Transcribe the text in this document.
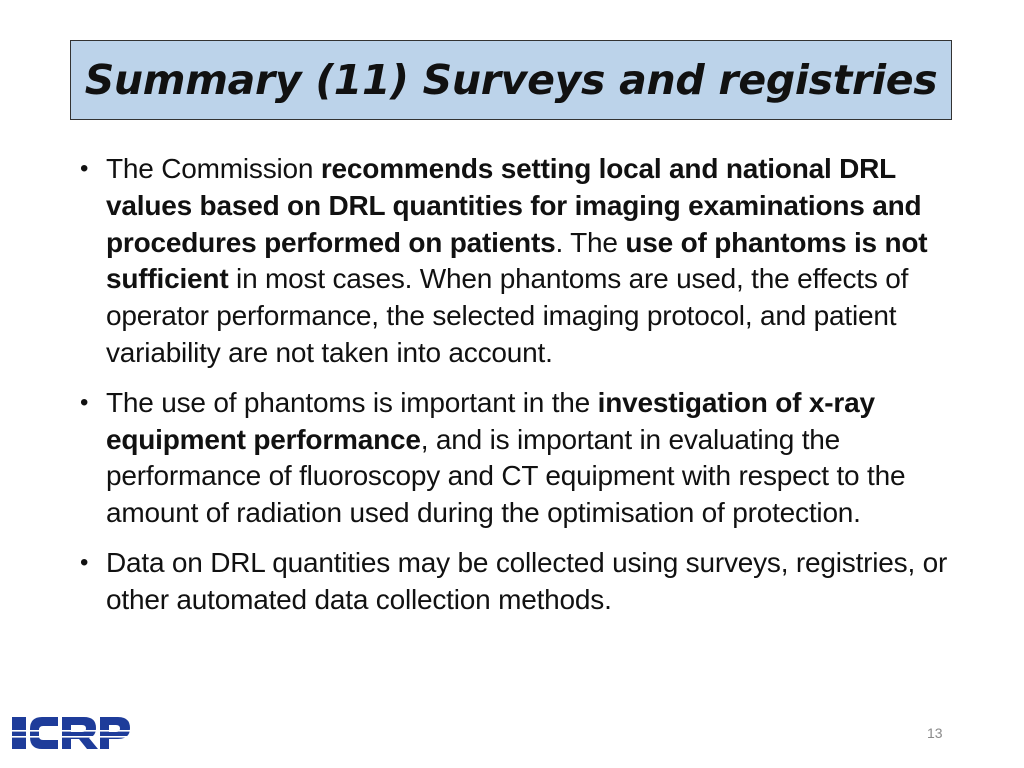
Summary (11) Surveys and registries
• The Commission recommends setting local and national DRL values based on DRL quantities for imaging examinations and procedures performed on patients. The use of phantoms is not sufficient in most cases. When phantoms are used, the effects of operator performance, the selected imaging protocol, and patient variability are not taken into account.
• The use of phantoms is important in the investigation of x-ray equipment performance, and is important in evaluating the performance of fluoroscopy and CT equipment with respect to the amount of radiation used during the optimisation of protection.
• Data on DRL quantities may be collected using surveys, registries, or other automated data collection methods.
13
